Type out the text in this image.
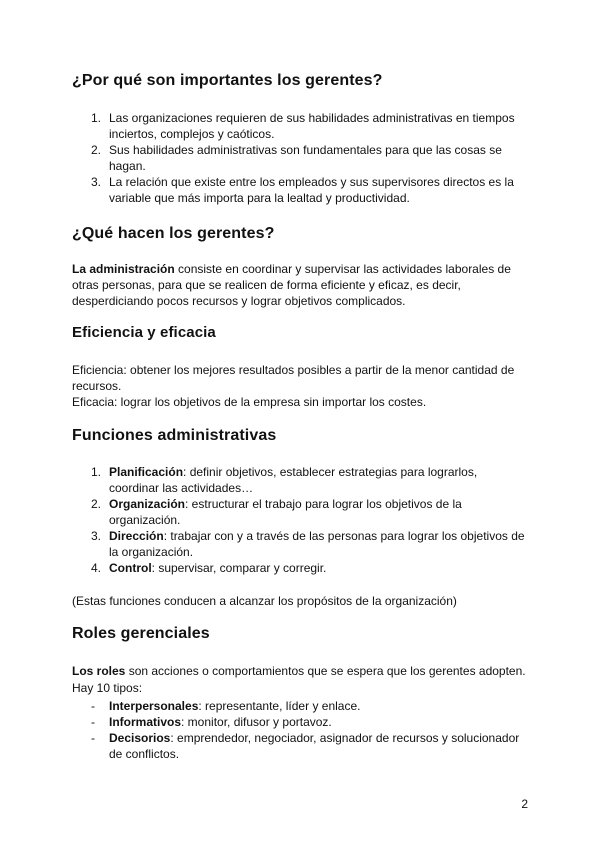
¿Por qué son importantes los gerentes?
1. Las organizaciones requieren de sus habilidades administrativas en tiempos inciertos, complejos y caóticos.
2. Sus habilidades administrativas son fundamentales para que las cosas se hagan.
3. La relación que existe entre los empleados y sus supervisores directos es la variable que más importa para la lealtad y productividad.
¿Qué hacen los gerentes?

La administración consiste en coordinar y supervisar las actividades laborales de otras personas, para que se realicen de forma eficiente y eficaz, es decir, desperdiciando pocos recursos y lograr objetivos complicados.

Eficiencia y eficacia

Eficiencia: obtener los mejores resultados posibles a partir de la menor cantidad de recursos.

Eficacia: lograr los objetivos de la empresa sin importar los costes.

Funciones administrativas
1. Planificación: definir objetivos, establecer estrategias para lograrlos, coordinar las actividades…
2. Organización: estructurar el trabajo para lograr los objetivos de la organización.
3. Dirección: trabajar con y a través de las personas para lograr los objetivos de la organización.
4. Control: supervisar, comparar y corregir.

(Estas funciones conducen a alcanzar los propósitos de la organización)

Roles gerenciales

Los roles son acciones o comportamientos que se espera que los gerentes adopten. Hay 10 tipos:

- Interpersonales: representante, líder y enlace.
- Informativos: monitor, difusor y portavoz.
- Decisorios: emprendedor, negociador, asignador de recursos y solucionador de conflictos.
2
